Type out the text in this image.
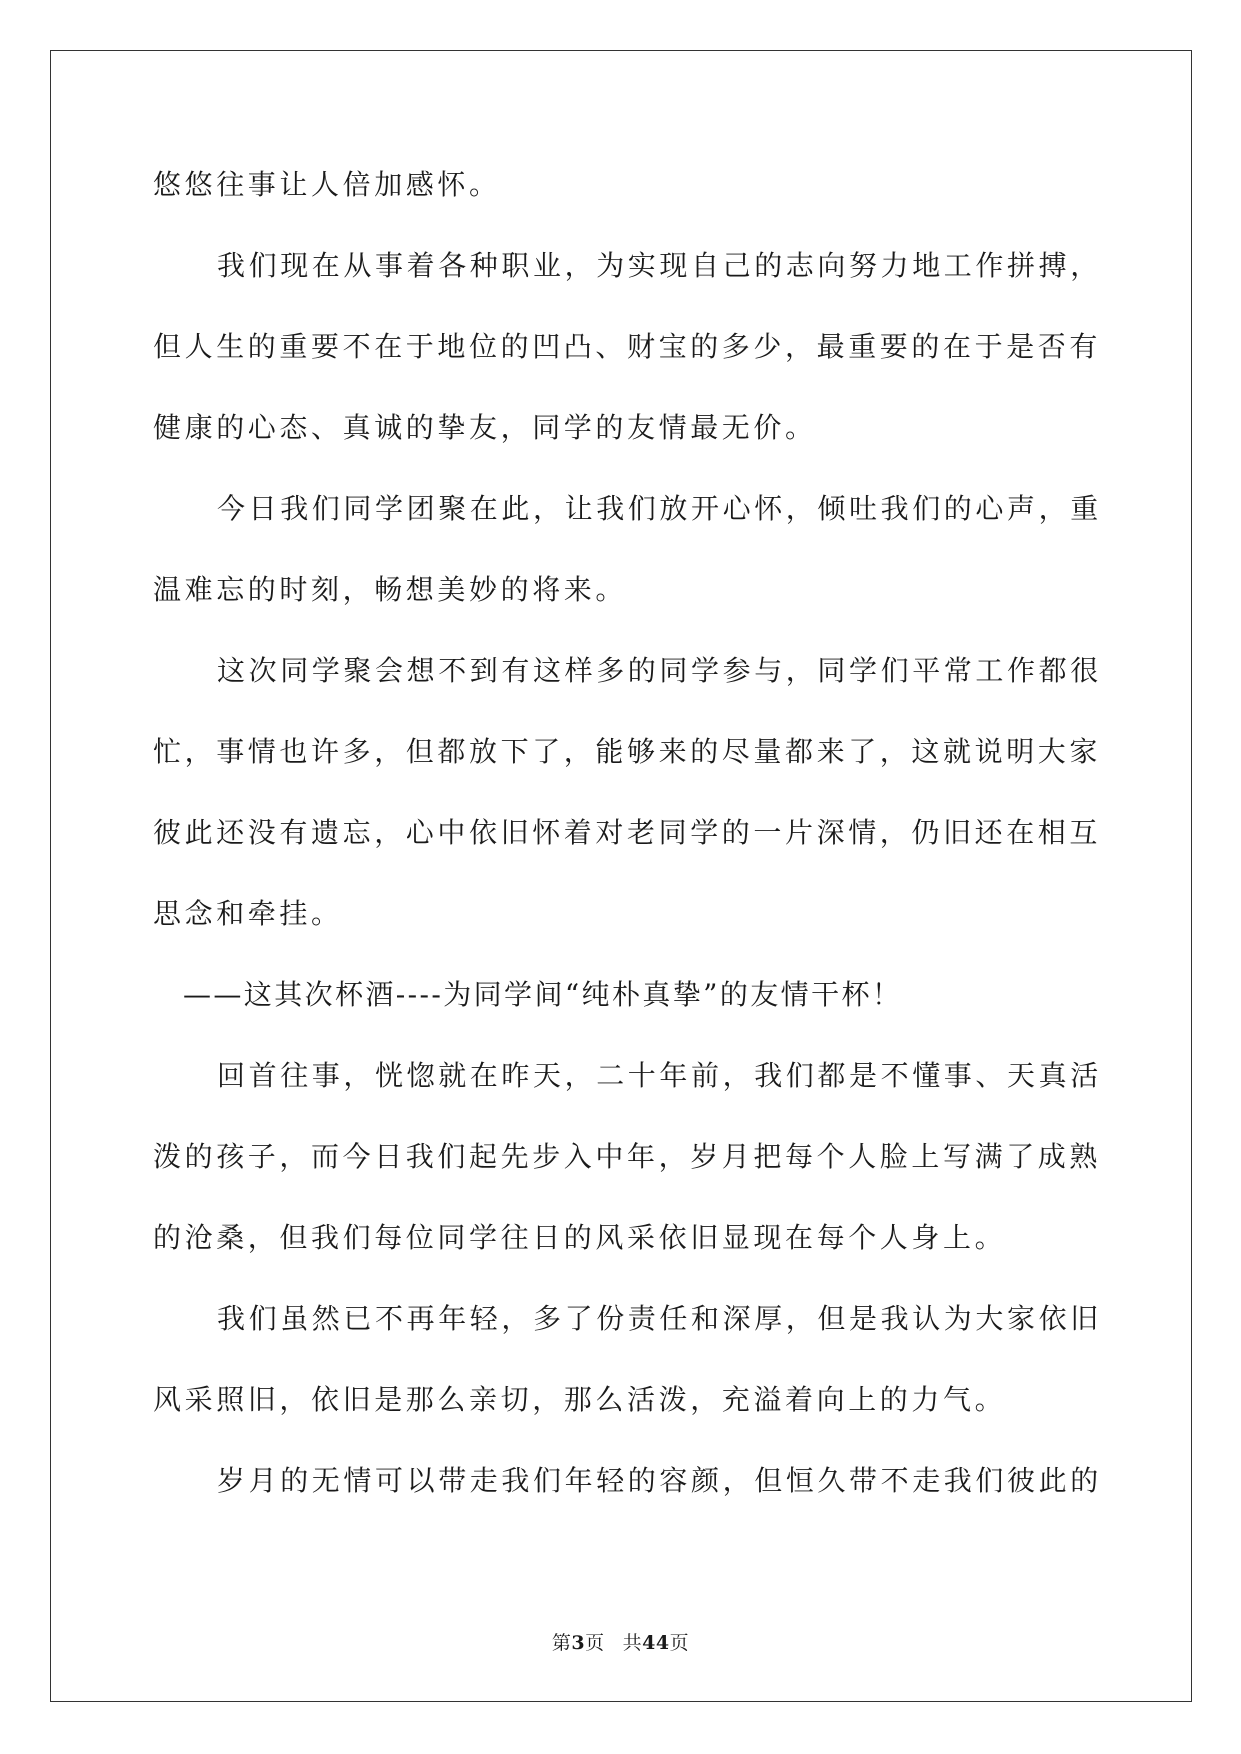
悠悠往事让人倍加感怀。
我们现在从事着各种职业，为实现自己的志向努力地工作拼搏，
但人生的重要不在于地位的凹凸、财宝的多少，最重要的在于是否有
健康的心态、真诚的挚友，同学的友情最无价。
今日我们同学团聚在此，让我们放开心怀，倾吐我们的心声，重
温难忘的时刻，畅想美妙的将来。
这次同学聚会想不到有这样多的同学参与，同学们平常工作都很
忙，事情也许多，但都放下了，能够来的尽量都来了，这就说明大家
彼此还没有遗忘，心中依旧怀着对老同学的一片深情，仍旧还在相互
思念和牵挂。
——这其次杯酒----为同学间“纯朴真挚”的友情干杯！
回首往事，恍惚就在昨天，二十年前，我们都是不懂事、天真活
泼的孩子，而今日我们起先步入中年，岁月把每个人脸上写满了成熟
的沧桑，但我们每位同学往日的风采依旧显现在每个人身上。
我们虽然已不再年轻，多了份责任和深厚，但是我认为大家依旧
风采照旧，依旧是那么亲切，那么活泼，充溢着向上的力气。
岁月的无情可以带走我们年轻的容颜，但恒久带不走我们彼此的
第3页 共44页
